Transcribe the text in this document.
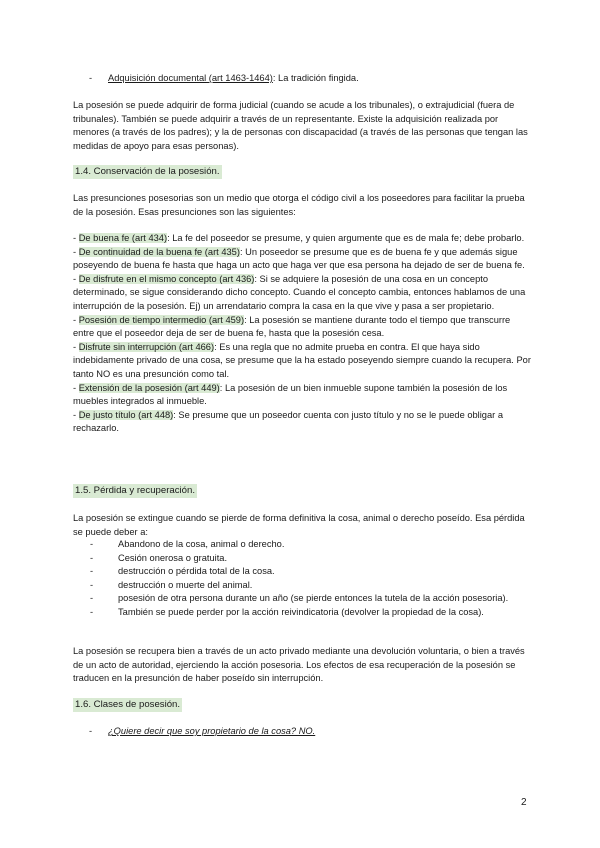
- Adquisición documental (art 1463-1464): La tradición fingida.

La posesión se puede adquirir de forma judicial (cuando se acude a los tribunales), o extrajudicial (fuera de tribunales). También se puede adquirir a través de un representante. Existe la adquisición realizada por menores (a través de los padres); y la de personas con discapacidad (a través de las personas que tengan las medidas de apoyo para esas personas).

1.4. Conservación de la posesión.

Las presunciones posesorias son un medio que otorga el código civil a los poseedores para facilitar la prueba de la posesión. Esas presunciones son las siguientes:

- De buena fe (art 434): La fe del poseedor se presume, y quien argumente que es de mala fe; debe probarlo.
- De continuidad de la buena fe (art 435): Un poseedor se presume que es de buena fe y que además sigue poseyendo de buena fe hasta que haga un acto que haga ver que esa persona ha dejado de ser de buena fe.
- De disfrute en el mismo concepto (art 436): Si se adquiere la posesión de una cosa en un concepto determinado, se sigue considerando dicho concepto. Cuando el concepto cambia, entonces hablamos de una interrupción de la posesión. Ej) un arrendatario compra la casa en la que vive y pasa a ser propietario.
- Posesión de tiempo intermedio (art 459): La posesión se mantiene durante todo el tiempo que transcurre entre que el poseedor deja de ser de buena fe, hasta que la posesión cesa.
- Disfrute sin interrupción (art 466): Es una regla que no admite prueba en contra. El que haya sido indebidamente privado de una cosa, se presume que la ha estado poseyendo siempre cuando la recupera. Por tanto NO es una presunción como tal.
- Extensión de la posesión (art 449): La posesión de un bien inmueble supone también la posesión de los muebles integrados al inmueble.
- De justo título (art 448): Se presume que un poseedor cuenta con justo título y no se le puede obligar a rechazarlo.
1.5. Pérdida y recuperación.

La posesión se extingue cuando se pierde de forma definitiva la cosa, animal o derecho poseído. Esa pérdida se puede deber a:

-	Abandono de la cosa, animal o derecho.
-	Cesión onerosa o gratuita.
-	destrucción o pérdida total de la cosa.
-	destrucción o muerte del animal.
-	posesión de otra persona durante un año (se pierde entonces la tutela de la acción posesoria).
-	También se puede perder por la acción reivindicatoria (devolver la propiedad de la cosa).

La posesión se recupera bien a través de un acto privado mediante una devolución voluntaria, o bien a través de un acto de autoridad, ejerciendo la acción posesoria. Los efectos de esa recuperación de la posesión se traducen en la presunción de haber poseído sin interrupción.

1.6. Clases de posesión.
- ¿Quiere decir que soy propietario de la cosa? NO.
2
